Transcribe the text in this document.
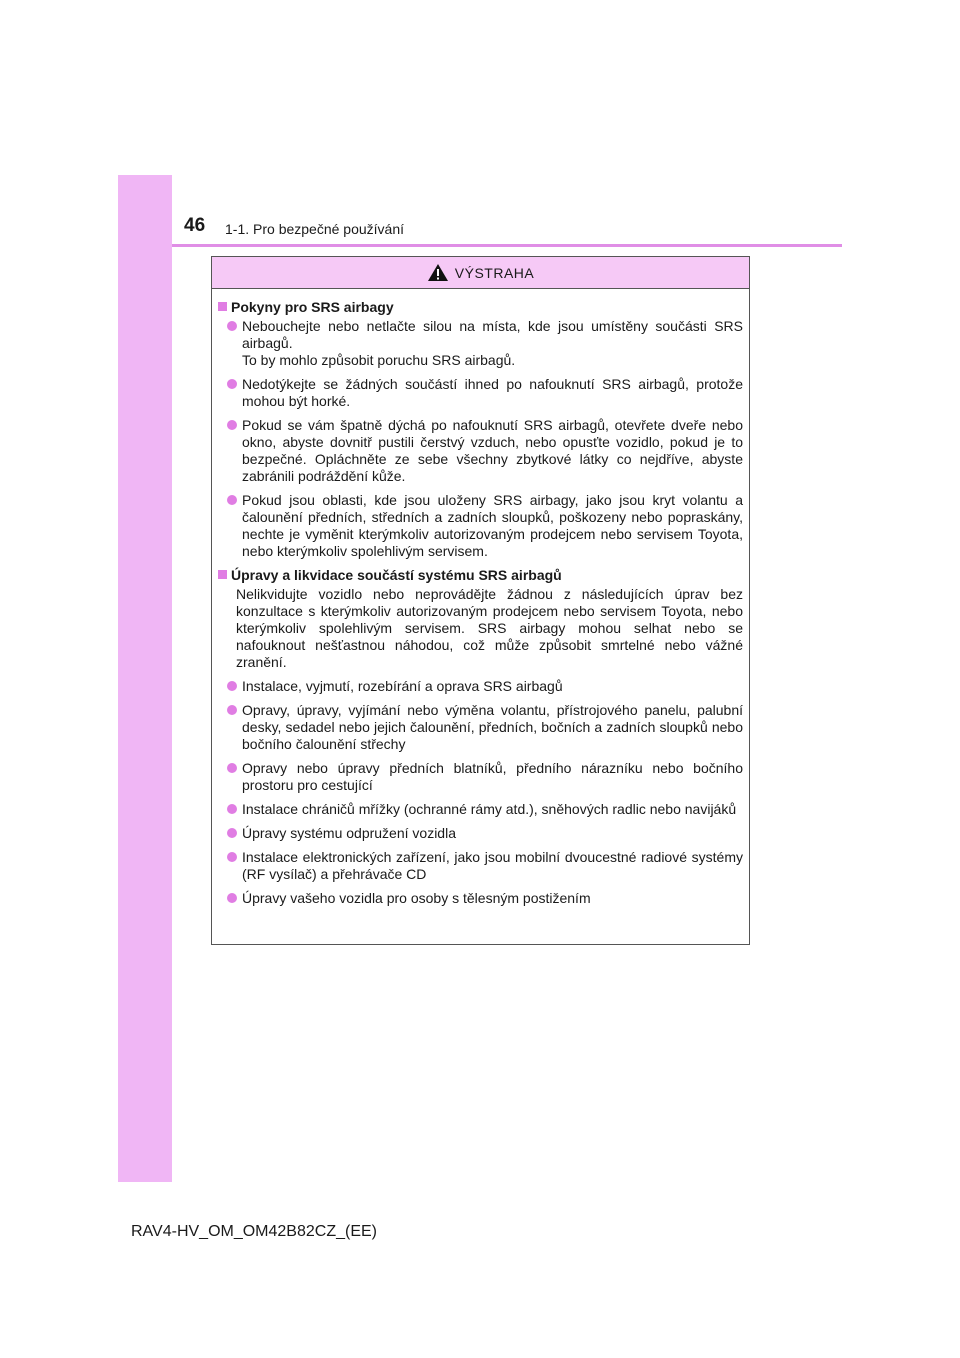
46 1-1. Pro bezpečné používání
VÝSTRAHA
Pokyny pro SRS airbagy
Nebouchejte nebo netlačte silou na místa, kde jsou umístěny součásti SRS airbagů.
To by mohlo způsobit poruchu SRS airbagů.
Nedotýkejte se žádných součástí ihned po nafouknutí SRS airbagů, protože mohou být horké.
Pokud se vám špatně dýchá po nafouknutí SRS airbagů, otevřete dveře nebo okno, abyste dovnitř pustili čerstvý vzduch, nebo opusťte vozidlo, pokud je to bezpečné. Opláchněte ze sebe všechny zbytkové látky co nejdříve, abyste zabránili podráždění kůže.
Pokud jsou oblasti, kde jsou uloženy SRS airbagy, jako jsou kryt volantu a čalounění předních, středních a zadních sloupků, poškozeny nebo popraskány, nechte je vyměnit kterýmkoliv autorizovaným prodejcem nebo servisem Toyota, nebo kterýmkoliv spolehlivým servisem.
Úpravy a likvidace součástí systému SRS airbagů
Nelikvidujte vozidlo nebo neprovádějte žádnou z následujících úprav bez konzultace s kterýmkoliv autorizovaným prodejcem nebo servisem Toyota, nebo kterýmkoliv spolehlivým servisem. SRS airbagy mohou selhat nebo se nafouknout nešťastnou náhodou, což může způsobit smrtelné nebo vážné zranění.
Instalace, vyjmutí, rozebírání a oprava SRS airbagů
Opravy, úpravy, vyjímání nebo výměna volantu, přístrojového panelu, palubní desky, sedadel nebo jejich čalounění, předních, bočních a zadních sloupků nebo bočního čalounění střechy
Opravy nebo úpravy předních blatníků, předního nárazníku nebo bočního prostoru pro cestující
Instalace chráničů mřížky (ochranné rámy atd.), sněhových radlic nebo navijáků
Úpravy systému odpružení vozidla
Instalace elektronických zařízení, jako jsou mobilní dvoucestné radiové systémy (RF vysílač) a přehrávače CD
Úpravy vašeho vozidla pro osoby s tělesným postižením
RAV4-HV_OM_OM42B82CZ_(EE)
